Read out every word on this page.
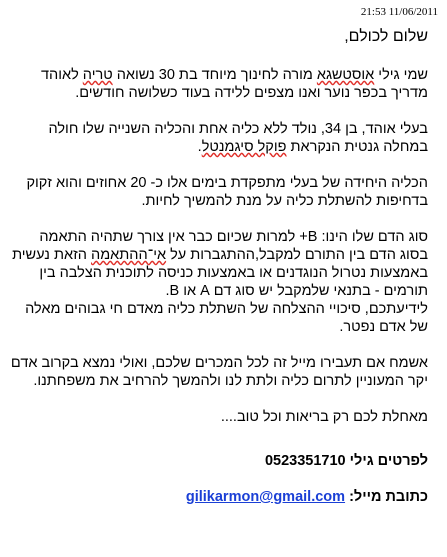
21:53 11/06/2011

שלום לכולם,

שמי גילי אוסטשגא מורה לחינוך מיוחד בת 30 נשואה טריה לאוהד מדריך בכפר נוער ואנו מצפים ללידה בעוד כשלושה חודשים.

בעלי אוהד, בן 34, נולד ללא כליה אחת והכליה השנייה שלו חולה במחלה גנטית הנקראת פוקל סיגמנטל.

הכליה היחידה של בעלי מתפקדת בימים אלו כ- 20 אחוזים והוא זקוק בדחיפות להשתלת כליה על מנת להמשיך לחיות.

סוג הדם שלו הינו: B+ למרות שכיום כבר אין צורך שתהיה התאמה בסוג הדם בין התורם למקבל,ההתגברות על אי־ההתאמה הזאת נעשית באמצעות נטרול הנוגדנים או באמצעות כניסה לתוכנית הצלבה בין תורמים - בתנאי שלמקבל יש סוג דם A או B.

לידיעתכם, סיכויי ההצלחה של השתלת כליה מאדם חי גבוהים מאלה של אדם נפטר.

אשמח אם תעבירו מייל זה לכל המכרים שלכם, ואולי נמצא בקרוב אדם יקר המעוניין לתרום כליה ולתת לנו ולהמשך להרחיב את משפחתנו.

מאחלת לכם רק בריאות וכל טוב....

לפרטים גילי 0523351710

כתובת מייל: gilikarmon@gmail.com
